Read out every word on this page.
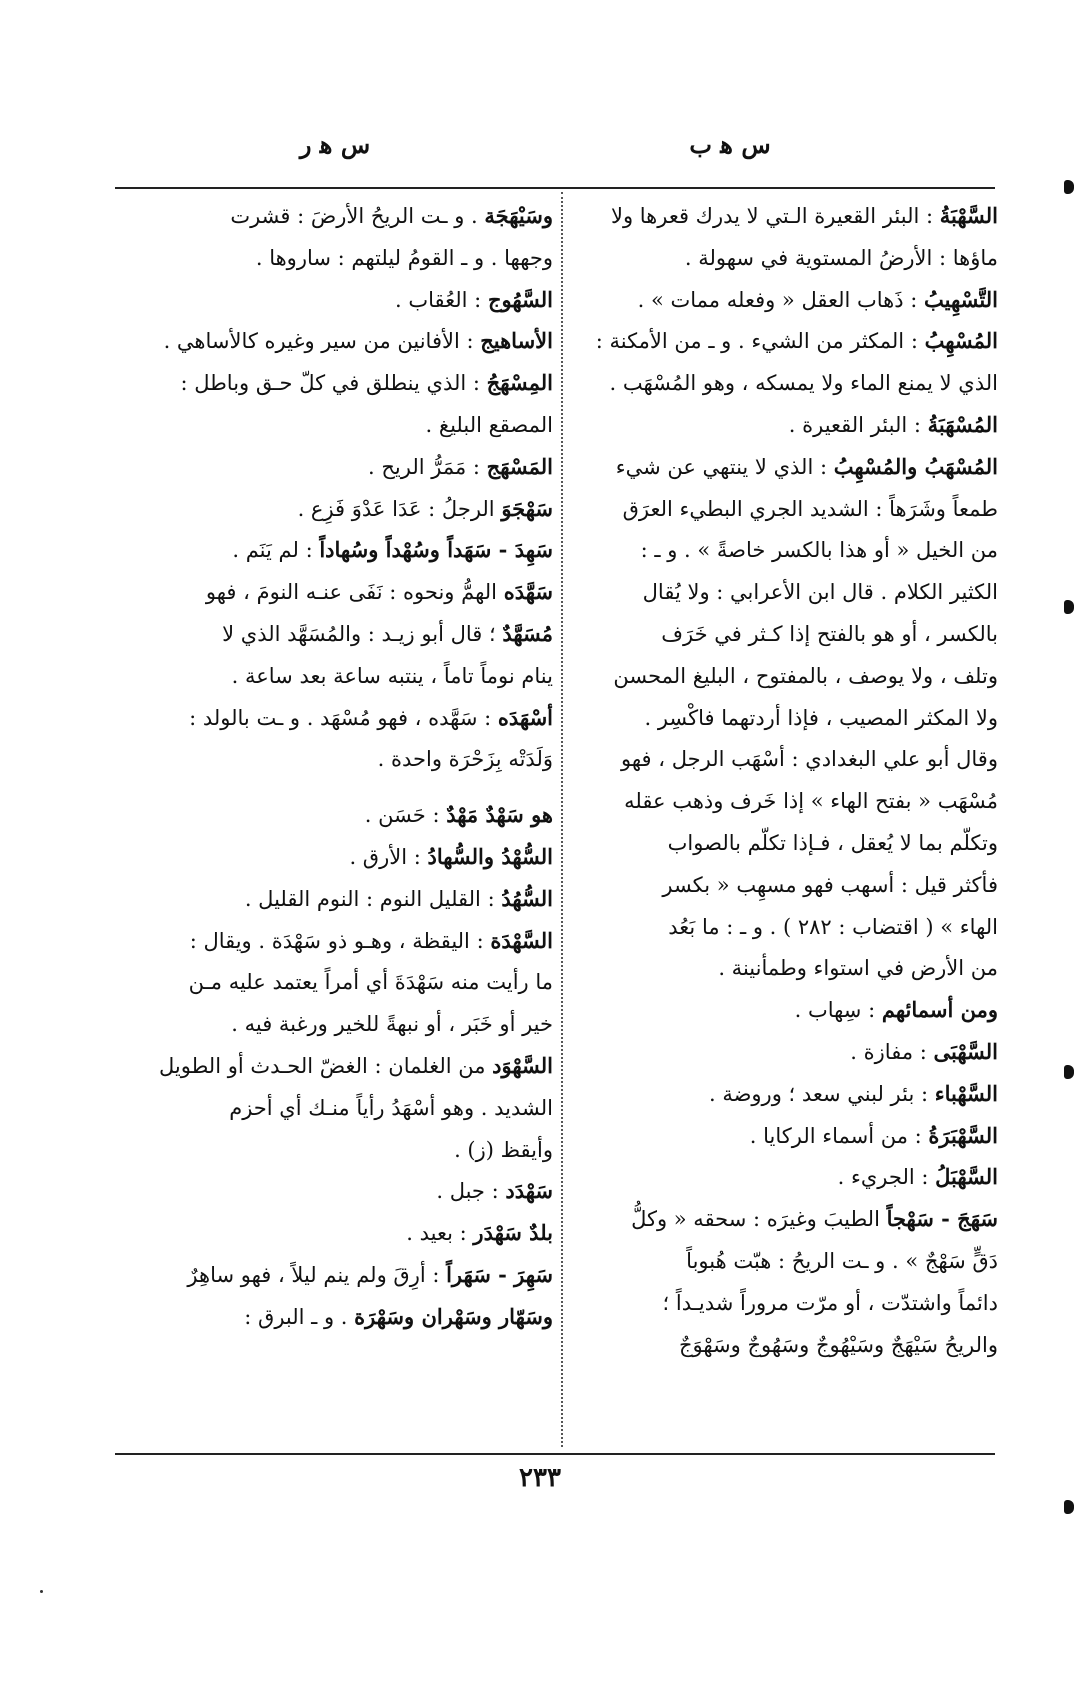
س ﻫ ب
س ﻫ ر
السَّهْبَةُ : البئر القعيرة الـتي لا يدرك قعرها ولا
ماؤها : الأرضُ المستوية في سهولة .
التَّسْهِيبُ : ذَهاب العقل « وفعله ممات » .
المُسْهِبُ : المكثر من الشيء . و ـ من الأمكنة :
الذي لا يمنع الماء ولا يمسكه ، وهو المُسْهَب .
المُسْهَبَةُ : البئر القعيرة .
المُسْهَبُ والمُسْهِبُ : الذي لا ينتهي عن شيء
طمعاً وشَرَهاً : الشديد الجري البطيء العرَق
من الخيل « أو هذا بالكسر خاصةً » . و ـ :
الكثير الكلام . قال ابن الأعرابي : ولا يُقال
بالكسر ، أو هو بالفتح إذا كـثر في خَرَف
وتلف ، ولا يوصف ، بالمفتوح ، البليغ المحسن
ولا المكثر المصيب ، فإذا أردتهما فاكْسِر .
وقال أبو علي البغدادي : أسْهَب الرجل ، فهو
مُسْهَب « بفتح الهاء » إذا خَرف وذهب عقله
وتكلّم بما لا يُعقل ، فـإذا تكلّم بالصواب
فأكثر قيل : أسهب فهو مسهِب « بكسر
الهاء » ( اقتضاب : ٢٨٢ ) . و ـ : ما بَعُد
من الأرض في استواء وطمأنينة .
ومن أسمائهم : سِهاب .
السَّهْبَى : مفازة .
السَّهْباء : بئر لبني سعد ؛ وروضة .
السَّهْبَرَةُ : من أسماء الركايا .
السَّهْبَلُ : الجريء .
سَهَجَ - سَهْجاً الطيبَ وغيرَه : سحقه « وكلُّ
دَقٍّ سَهْجٌ » . و ـت الريحُ : هبّت هُبوباً
دائماً واشتدّت ، أو مرّت مروراً شديـداً ؛
والريحُ سَيْهَجٌ وسَيْهُوجٌ وسَهُوجٌ وسَهْوَجٌ
وسَيْهَجَة . و ـت الريحُ الأرضَ : قشرت
وجهها . و ـ القومُ ليلتهم : ساروها .
السَّهُوج : العُقاب .
الأساهيج : الأفانين من سير وغيره كالأساهي .
المِسْهَجُ : الذي ينطلق في كلّ حـق وباطل :
المصقع البليغ .
المَسْهَج : مَمَرُّ الريح .
سَهْجَوَ الرجلُ : عَدَا عَدْوَ فَزِع .
سَهِدَ - سَهَداً وسُهْداً وسُهاداً : لم يَنَم .
سَهَّدَه الهمُّ ونحوه : نَفَى عنـه النومَ ، فهو
مُسَهَّدٌ ؛ قال أبو زيـد : والمُسَهَّد الذي لا
ينام نوماً تاماً ، ينتبه ساعة بعد ساعة .
أسْهَدَه : سَهَّده ، فهو مُسْهَد . و ـت بالولد :
وَلَدَتْه بِزَحْرَة واحدة .
هو سَهْدٌ مَهْدٌ : حَسَن .
السُّهْدُ والسُّهادُ : الأرق .
السُّهُدُ : القليل النوم : النوم القليل .
السَّهْدَة : اليقظة ، وهـو ذو سَهْدَة . ويقال :
ما رأيت منه سَهْدَةَ أي أمراً يعتمد عليه مـن
خير أو خَبَر ، أو نبهةً للخير ورغبة فيه .
السَّهْوَد من الغلمان : الغضّ الحـدث أو الطويل
الشديد . وهو أسْهَدُ رأياً منـك أي أحزم
وأيقظ (ز) .
سَهْدَد : جبل .
بلدٌ سَهْدَر : بعيد .
سَهِرَ - سَهَراً : أرِقَ ولم ينم ليلاً ، فهو ساهِرٌ
وسَهّار وسَهْران وسَهْرَة . و ـ البرق :
٢٣٣
